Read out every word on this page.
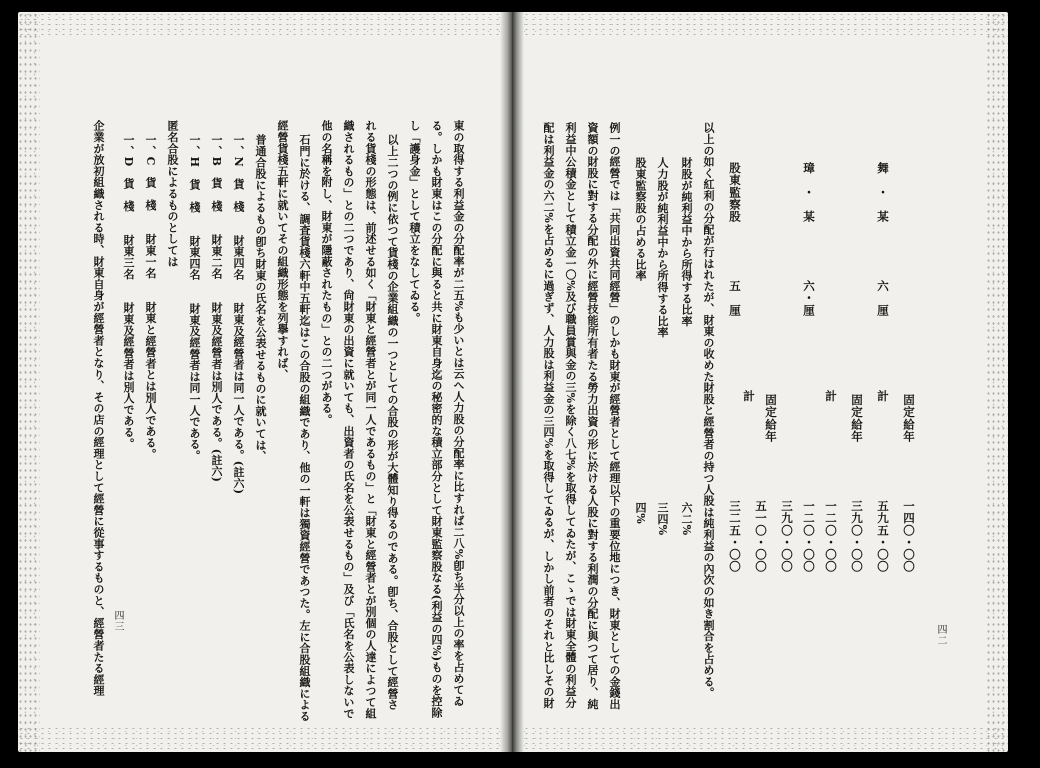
東の取得する利益金の分配率が二五%も少いとは云へ人力股の分配率に比すれば二八%卽ち半分以上の率を占めてゐ
る。しかも財東はこの分配に與ると共に財東自身迄の秘密的な積立部分として財東監察股なる(利益の四%)ものを控除
し「護身金」として積立をなしてゐる。
以上二つの例に依つて貨棧の企業組織の一つとしての合股の形が大體知り得るのである。卽ち、合股として經營さ
れる貨棧の形態は、前述せる如く「財東と經營者とが同一人であるもの」と「財東と經營者とが別個の人達によつて組
織されるもの」との二つであり、尙財東の出資に就いても、出資者の氏名を公表せるもの」及び「氏名を公表しないで
他の名稱を附し、財東が隱蔽されたもの」との二つがある。
石門に於ける、調査貨棧六軒中五軒迄はこの合股の組織であり、他の一軒は獨資經營であつた。左に合股組織による
經營貨棧五軒に就いてその組織形態を列擧すれば、
普通合股によるもの卽ち財東の氏名を公表せるものに就いては、
一、N　貨　棧　　財東四名　　財東及經營者は同一人である。(註六)
一、B　貨　棧　　財東二名　　財東及經營者は別人である。(註六)
一、H　貨　棧　　財東四名　　財東及經營者は同一人である。
匿名合股によるものとしては
一、C　貨　棧　　財東一名　　財東と經營者とは別人である。
一、D　貨　棧　　財東三名　　財東及經營者は別人である。
企業が放初組織される時、財東自身が經營者となり、その店の經理として經營に從事するものと、經營者たる經理 四三	以上の如く紅利の分配が行はれたが、財東の收めた財股と經營者の持つ人股は純利益の內次の如き割合を占める。
財股が純利益中から所得する比率
六二%
人力股が純利益中から所得する比率
三四%
股東監察股の占める比率
四%
例一の經營では「共同出資共同經營」のしかも財東が經營者として經理以下の重要位地につき、財東としての金錢出
資額の財股に對する分配の外に經營技能所有者たる勞力出資の形に於ける人股に對する利潤の分配に與つて居り、純
利益中公積金として積立金一〇%及び職員賞與金の三%を除く八七%を取得してゐたが、こゝでは財東全體の利益分
配は利益金の六二%を占めるに過ぎず、人力股は利益金の三四%を取得してゐるが、しかし前者のそれと比しその財	固定給年
一四〇・〇〇
舞　・　某
六　厘
計
五九五・〇〇
固定給年
三九〇・〇〇
計
一二〇・〇〇
璋　・　某
六・厘
一二〇・〇〇
三九〇・〇〇
固定給年
五一〇・〇〇
計
股東監察股
五　厘
三二五・〇〇
四二
